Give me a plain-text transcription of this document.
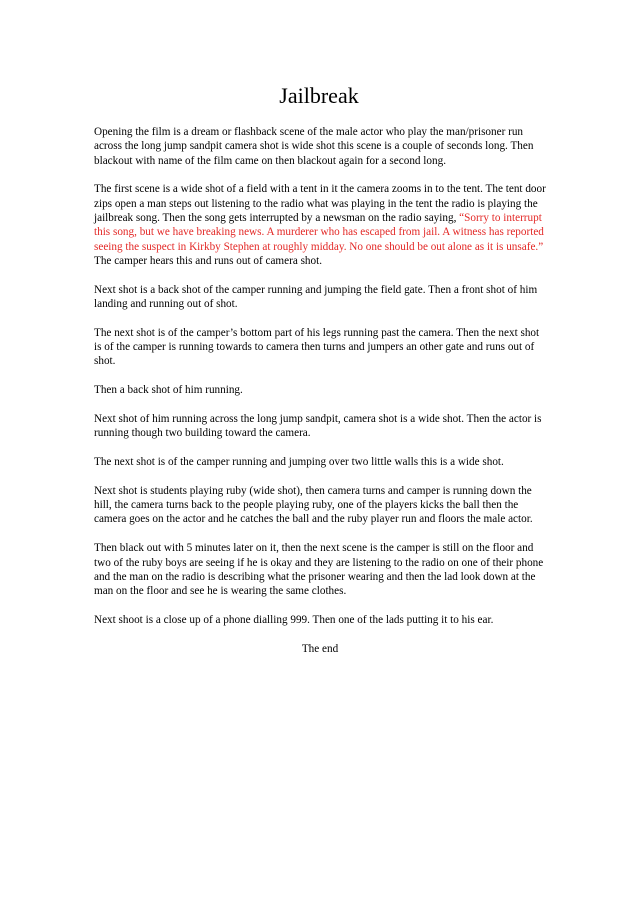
Jailbreak

Opening the film is a dream or flashback scene of the male actor who play the man/prisoner run across the long jump sandpit camera shot is wide shot this scene is a couple of seconds long. Then blackout with name of the film came on then blackout again for a second long.

The first scene is a wide shot of a field with a tent in it the camera zooms in to the tent. The tent door zips open a man steps out listening to the radio what was playing in the tent the radio is playing the jailbreak song. Then the song gets interrupted by a newsman on the radio saying, “Sorry to interrupt this song, but we have breaking news. A murderer who has escaped from jail. A witness has reported seeing the suspect in Kirkby Stephen at roughly midday. No one should be out alone as it is unsafe.” The camper hears this and runs out of camera shot.

Next shot is a back shot of the camper running and jumping the field gate. Then a front shot of him landing and running out of shot.

The next shot is of the camper’s bottom part of his legs running past the camera. Then the next shot is of the camper is running towards to camera then turns and jumpers an other gate and runs out of shot.

Then a back shot of him running.

Next shot of him running across the long jump sandpit, camera shot is a wide shot. Then the actor is running though two building toward the camera.

The next shot is of the camper running and jumping over two little walls this is a wide shot.

Next shot is students playing ruby (wide shot), then camera turns and camper is running down the hill, the camera turns back to the people playing ruby, one of the players kicks the ball then the camera goes on the actor and he catches the ball and the ruby player run and floors the male actor.

Then black out with 5 minutes later on it, then the next scene is the camper is still on the floor and two of the ruby boys are seeing if he is okay and they are listening to the radio on one of their phone and the man on the radio is describing what the prisoner wearing and then the lad look down at the man on the floor and see he is wearing the same clothes.

Next shoot is a close up of a phone dialling 999. Then one of the lads putting it to his ear.

The end
